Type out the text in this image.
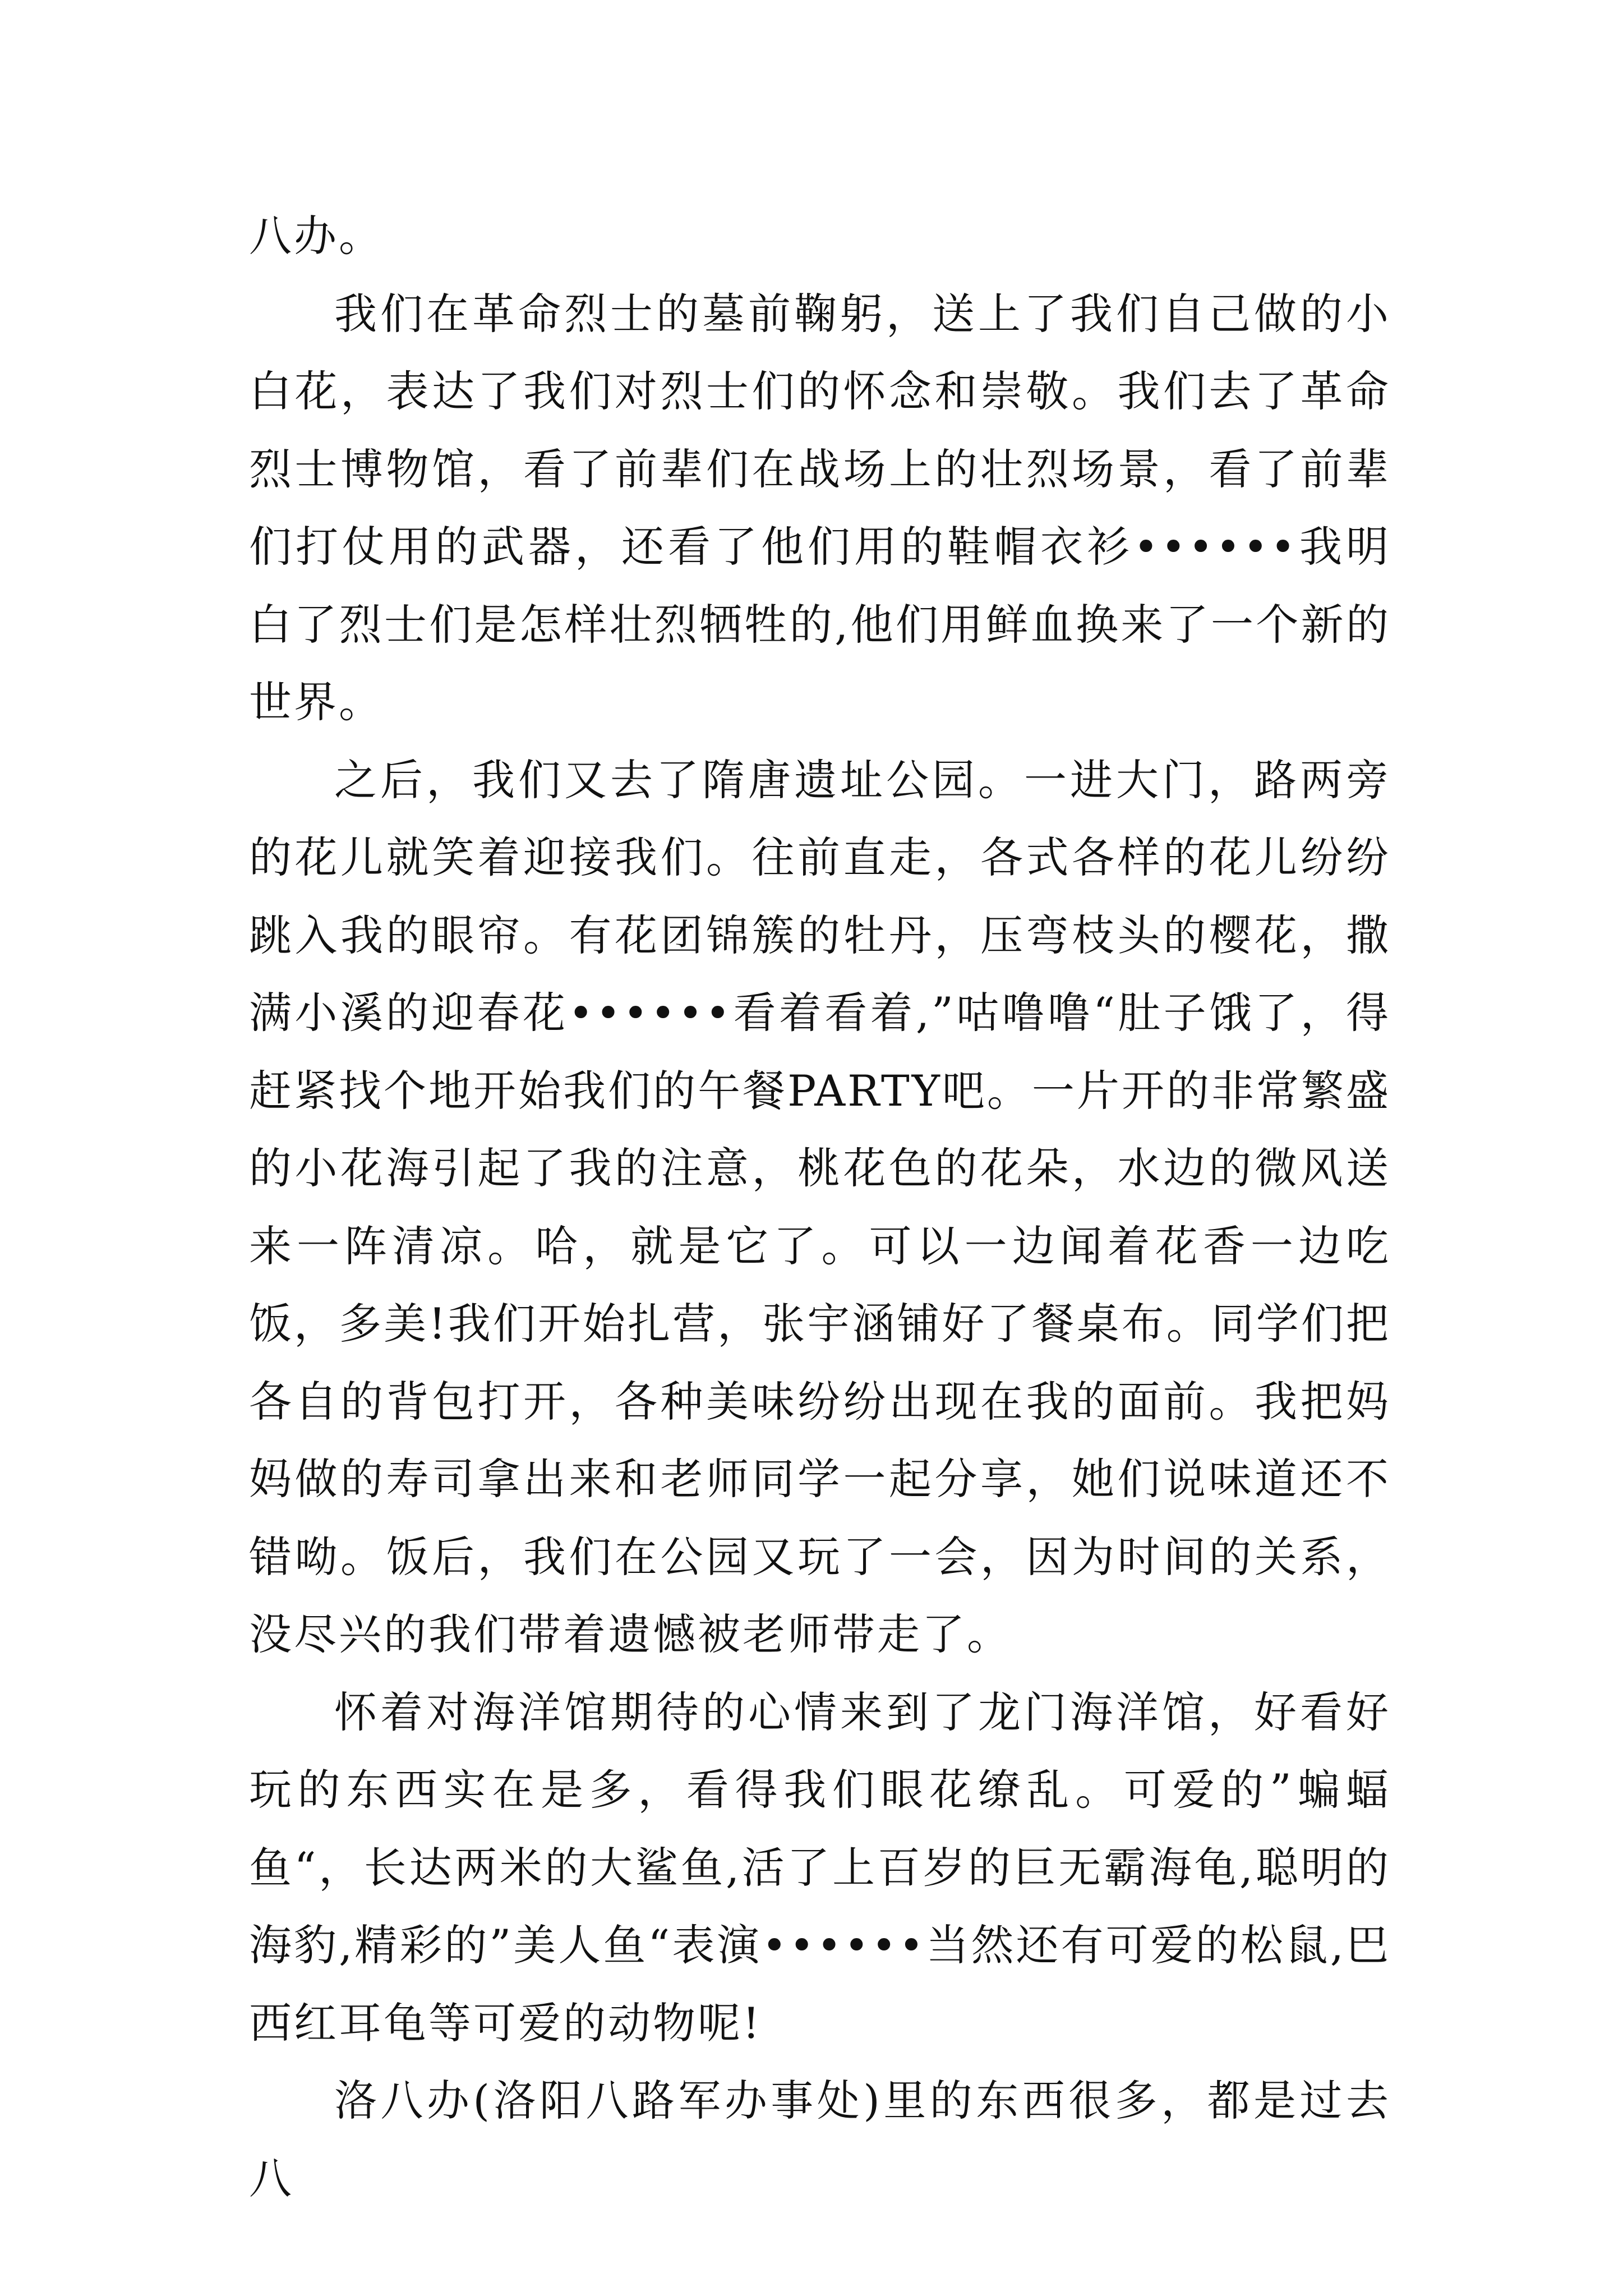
八办。

我们在革命烈士的墓前鞠躬，送上了我们自己做的小白花，表达了我们对烈士们的怀念和崇敬。我们去了革命烈士博物馆，看了前辈们在战场上的壮烈场景，看了前辈们打仗用的武器，还看了他们用的鞋帽衣衫••••••我明白了烈士们是怎样壮烈牺牲的,他们用鲜血换来了一个新的世界。

之后，我们又去了隋唐遗址公园。一进大门，路两旁的花儿就笑着迎接我们。往前直走，各式各样的花儿纷纷跳入我的眼帘。有花团锦簇的牡丹，压弯枝头的樱花，撒满小溪的迎春花••••••看着看着,”咕噜噜“肚子饿了，得赶紧找个地开始我们的午餐PARTY吧。一片开的非常繁盛的小花海引起了我的注意，桃花色的花朵，水边的微风送来一阵清凉。哈，就是它了。可以一边闻着花香一边吃饭，多美!我们开始扎营，张宇涵铺好了餐桌布。同学们把各自的背包打开，各种美味纷纷出现在我的面前。我把妈妈做的寿司拿出来和老师同学一起分享，她们说味道还不错呦。饭后，我们在公园又玩了一会，因为时间的关系，没尽兴的我们带着遗憾被老师带走了。

怀着对海洋馆期待的心情来到了龙门海洋馆，好看好玩的东西实在是多，看得我们眼花缭乱。可爱的”蝙蝠鱼“，长达两米的大鲨鱼,活了上百岁的巨无霸海龟,聪明的海豹,精彩的”美人鱼“表演••••••当然还有可爱的松鼠,巴西红耳龟等可爱的动物呢!

洛八办(洛阳八路军办事处)里的东西很多，都是过去八
